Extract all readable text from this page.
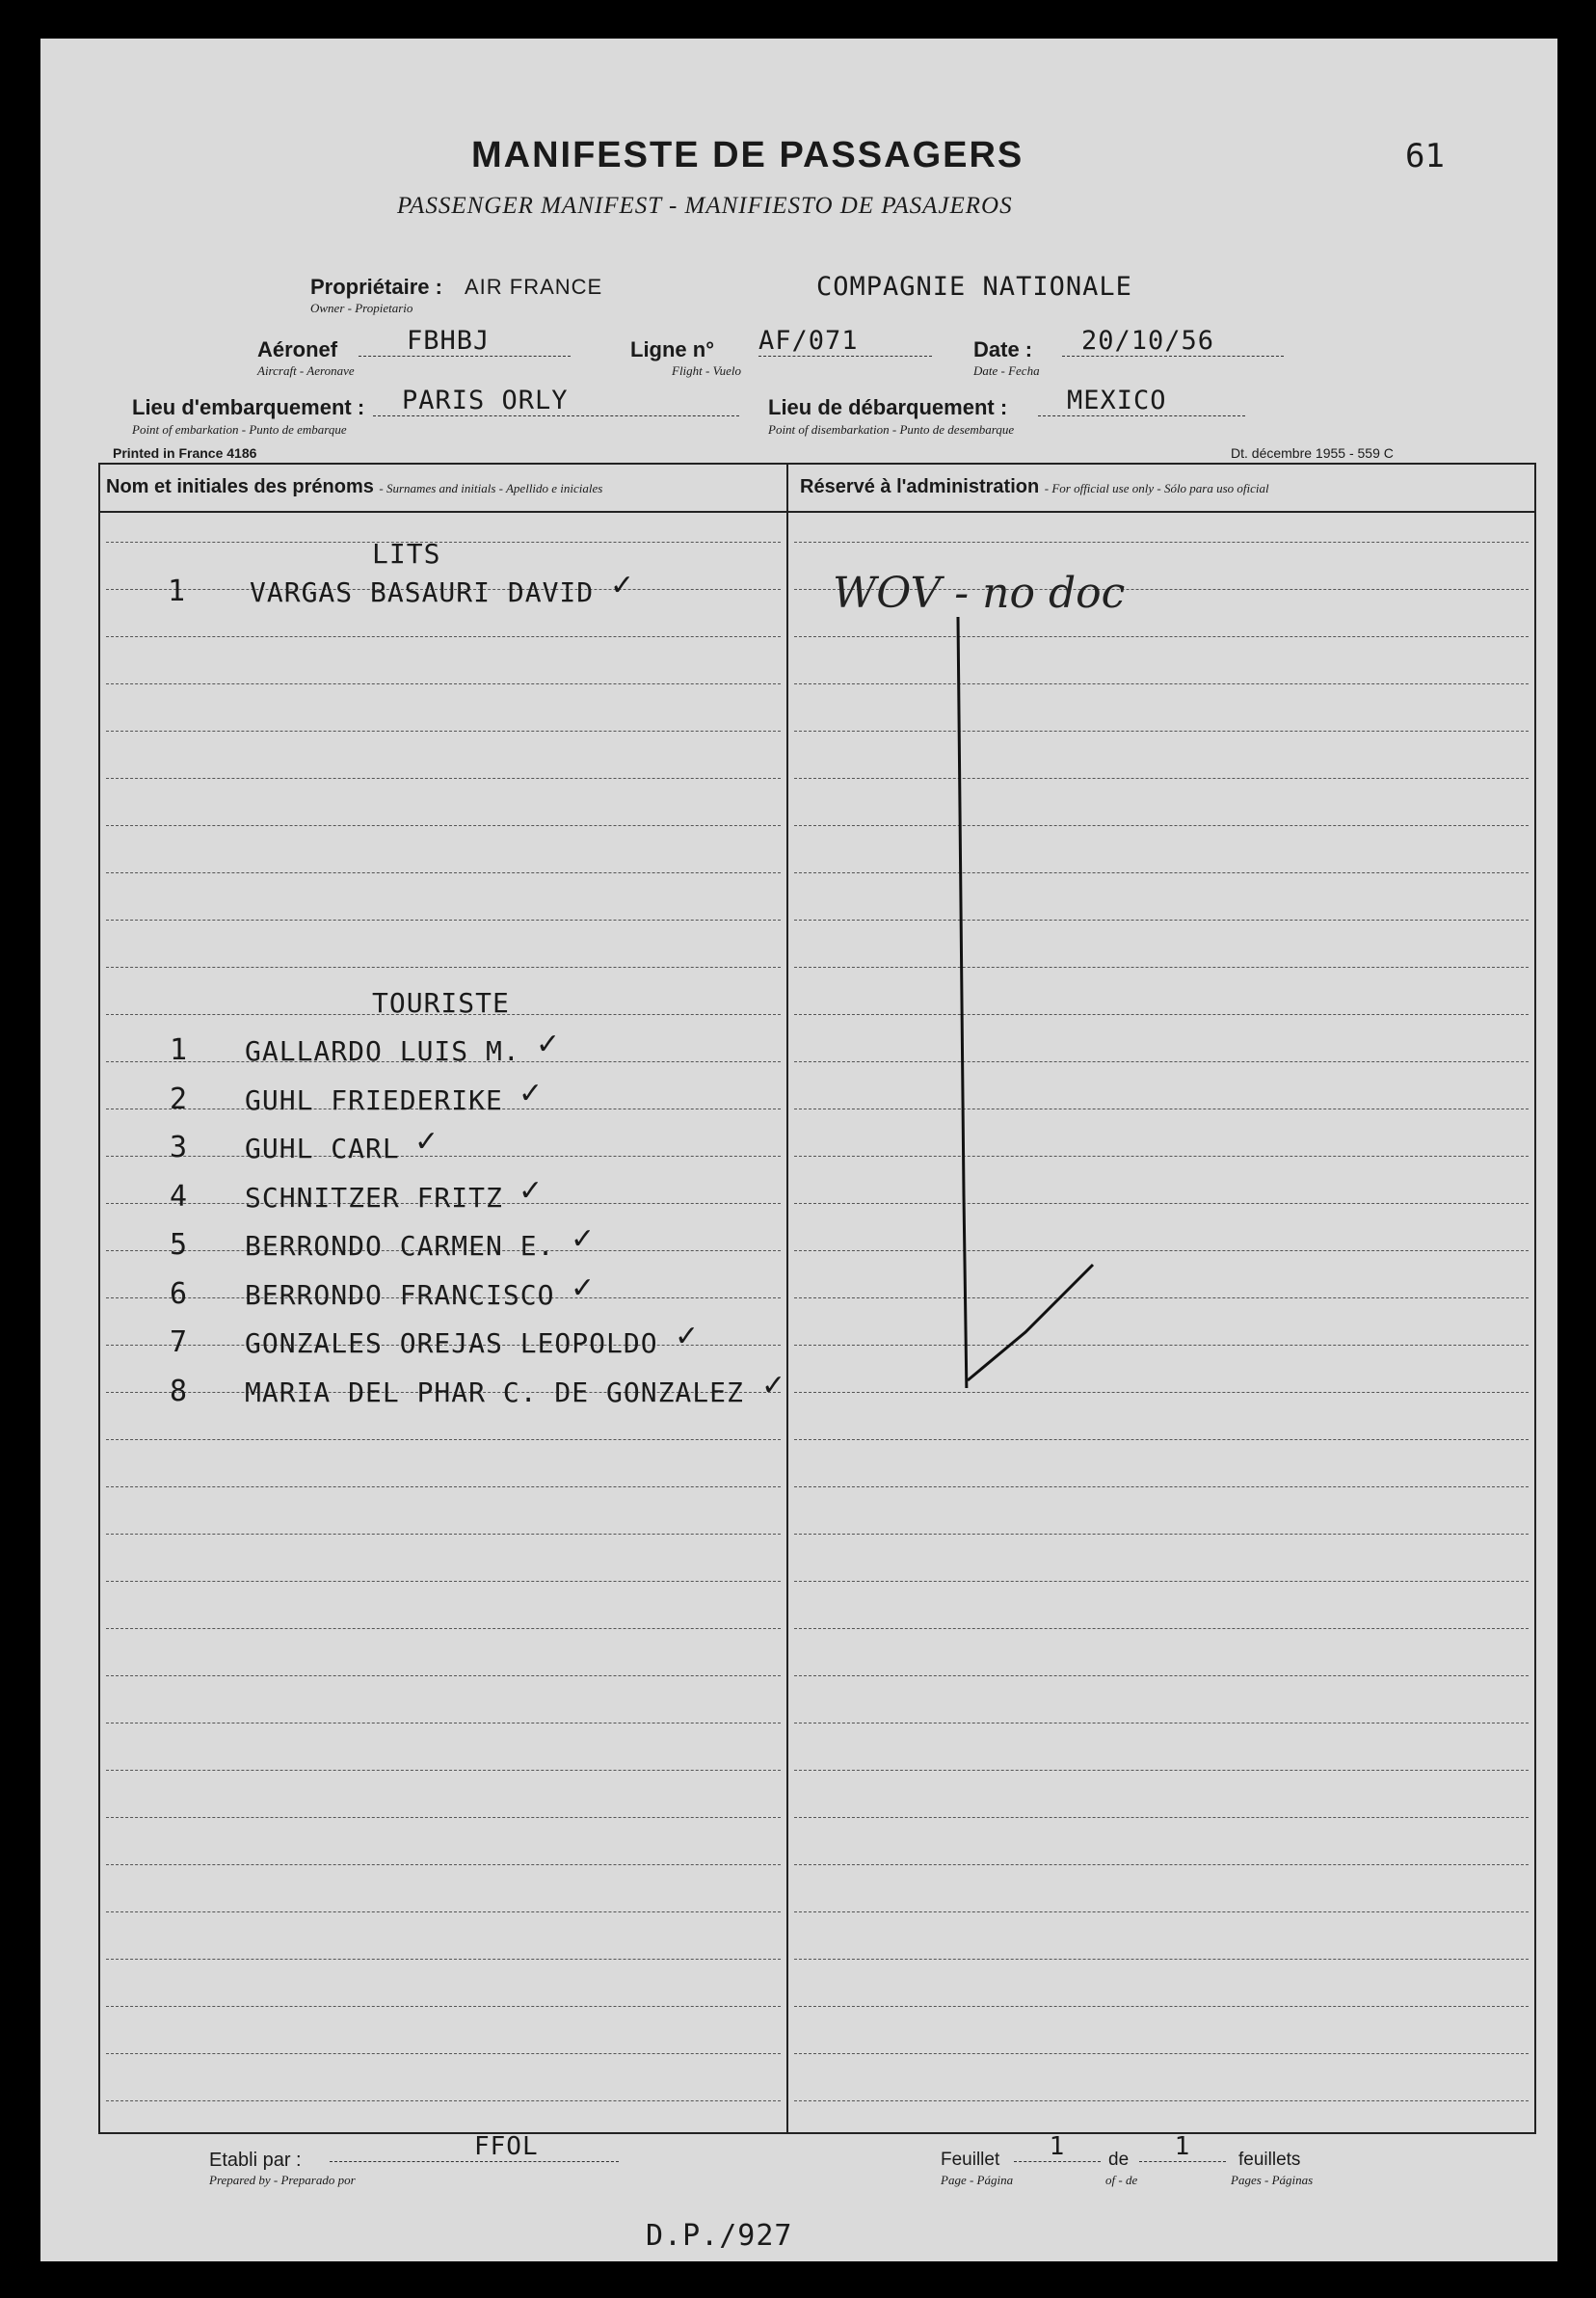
MANIFESTE DE PASSAGERS
PASSENGER MANIFEST - MANIFIESTO DE PASAJEROS
61
Propriétaire : AIR FRANCE
Owner - Propietario
COMPAGNIE NATIONALE
Aéronef	FBHBJ
Aircraft - Aeronave
Ligne n° AF/071
Flight - Vuelo
Date :	20/10/56
Date - Fecha
Lieu d'embarquement :	PARIS ORLY
Point of embarkation - Punto de embarque
Lieu de débarquement :	MEXICO
Point of disembarkation - Punto de desembarque
Printed in France 4186	Dt. décembre 1955 - 559 C
Nom et initiales des prénoms - Surnames and initials - Apellido e iniciales	Réservé à l'administration - For official use only - Sólo para uso oficial
LITS
1 VARGAS BASAURI DAVID ✓
TOURISTE
1 GALLARDO LUIS M. ✓
2 GUHL FRIEDERIKE ✓
3 GUHL CARL ✓
4 SCHNITZER FRITZ ✓
5 BERRONDO CARMEN E. ✓
6 BERRONDO FRANCISCO ✓
7 GONZALES OREJAS LEOPOLDO ✓
8 MARIA DEL PHAR C. DE GONZALEZ ✓
WOV - no doc
Etabli par :	FFOL
Prepared by - Preparado por
Feuillet	1	de	1	feuillets
Page - Página	of - de	Pages - Páginas
D.P./927
